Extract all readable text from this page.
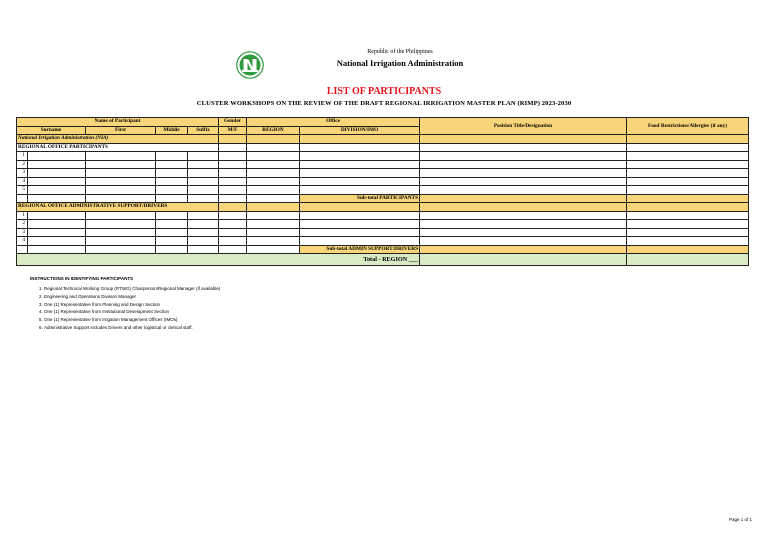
Republic of the Philippines
National Irrigation Administration
LIST OF PARTICIPANTS
CLUSTER WORKSHOPS ON THE REVIEW OF THE DRAFT REGIONAL IRRIGATION MASTER PLAN (RIMP) 2023-2030
Name of Participant					Gender	Office		Position Title/Designation	Food Restrictions/Allergies (if any)
Surname		First	Middle	Suffix	M/F	REGION	DIVISION/IMO		
National Irrigation Administration (NIA)									
REGIONAL OFFICE PARTICIPANTS									
1									
2									
3									
4									
5									
							Sub-total PARTICIPANTS		
REGIONAL OFFICE ADMINISTRATIVE SUPPORT/DRIVERS									
1									
2									
3									
4									
							Sub-total ADMIN SUPPORT/DRIVERS		
Total - REGION ___									
INSTRUCTIONS IN IDENTIFYING PARTICIPANTS
1. Regional Technical Working Group (RTWG) Chairperson/Regional Manager (if available)
2. Engineering and Operations Division Manager
3. One (1) Representative from Planning and Design Section
4. One (1) Representative from Institutional Development Section
5. One (1) Representative from Irrigation Management Offices (IMOs)
6. Administrative Support includes Drivers and other logistical or clerical staff.
Page 1 of 1
